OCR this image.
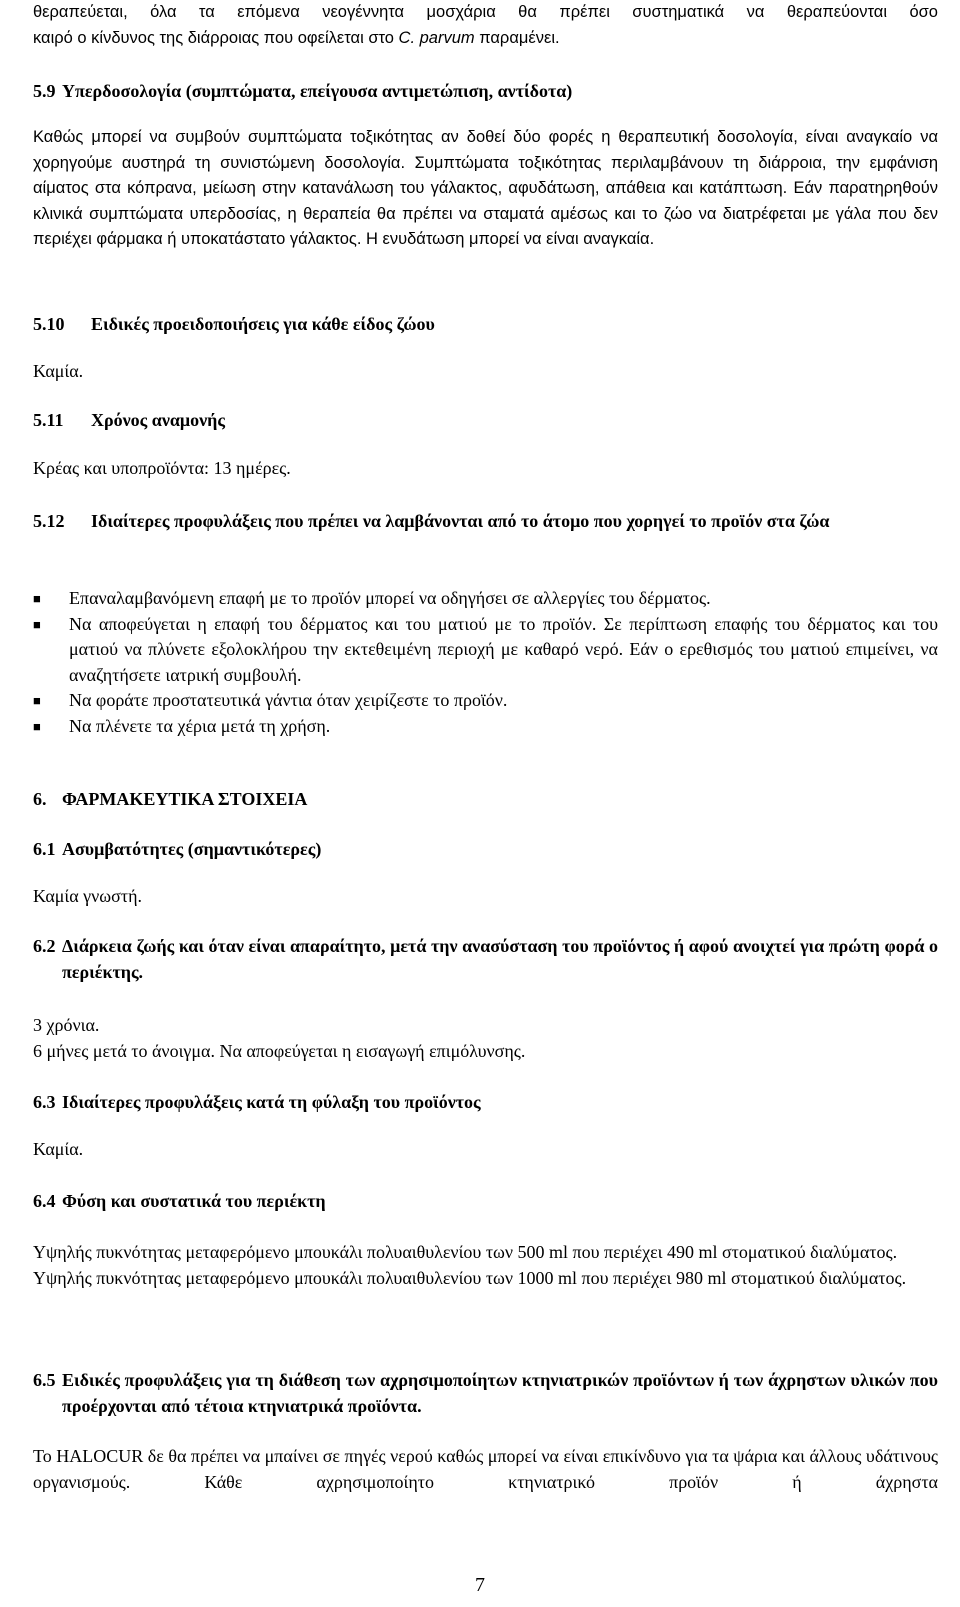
θεραπεύεται, όλα τα επόμενα νεογέννητα μοσχάρια θα πρέπει συστηματικά να θεραπεύονται όσο

καιρό ο κίνδυνος της διάρροιας που οφείλεται στο C. parvum παραμένει.

5.9 Υπερδοσολογία (συμπτώματα, επείγουσα αντιμετώπιση, αντίδοτα)

Καθώς μπορεί να συμβούν συμπτώματα τοξικότητας αν δοθεί δύο φορές η θεραπευτική δοσολογία, είναι αναγκαίο να χορηγούμε αυστηρά τη συνιστώμενη δοσολογία. Συμπτώματα τοξικότητας περιλαμβάνουν τη διάρροια, την εμφάνιση αίματος στα κόπρανα, μείωση στην κατανάλωση του γάλακτος, αφυδάτωση, απάθεια και κατάπτωση. Εάν παρατηρηθούν κλινικά συμπτώματα υπερδοσίας, η θεραπεία θα πρέπει να σταματά αμέσως και το ζώο να διατρέφεται με γάλα που δεν περιέχει φάρμακα ή υποκατάστατο γάλακτος. Η ενυδάτωση μπορεί να είναι αναγκαία.

5.10	Ειδικές προειδοποιήσεις για κάθε είδος ζώου
Καμία.
5.11	Χρόνος αναμονής
Κρέας και υποπροϊόντα: 13 ημέρες.
5.12	Ιδιαίτερες προφυλάξεις που πρέπει να λαμβάνονται από το άτομο που χορηγεί το προϊόν στα ζώα
■ Επαναλαμβανόμενη επαφή με το προϊόν μπορεί να οδηγήσει σε αλλεργίες του δέρματος.
■ Να αποφεύγεται η επαφή του δέρματος και του ματιού με το προϊόν. Σε περίπτωση επαφής του δέρματος και του ματιού να πλύνετε εξολοκλήρου την εκτεθειμένη περιοχή με καθαρό νερό. Εάν ο ερεθισμός του ματιού επιμείνει, να αναζητήσετε ιατρική συμβουλή.
■ Να φοράτε προστατευτικά γάντια όταν χειρίζεστε το προϊόν.
■ Να πλένετε τα χέρια μετά τη χρήση.
6. ΦΑΡΜΑΚΕΥΤΙΚΑ ΣΤΟΙΧΕΙΑ
6.1 Ασυμβατότητες (σημαντικότερες)
Καμία γνωστή.
6.2 Διάρκεια ζωής και όταν είναι απαραίτητο, μετά την ανασύσταση του προϊόντος ή αφού ανοιχτεί για πρώτη φορά ο περιέκτης.

3 χρόνια.

6 μήνες μετά το άνοιγμα. Να αποφεύγεται η εισαγωγή επιμόλυνσης.

6.3 Ιδιαίτερες προφυλάξεις κατά τη φύλαξη του προϊόντος
Καμία.
6.4 Φύση και συστατικά του περιέκτη

Υψηλής πυκνότητας μεταφερόμενο μπουκάλι πολυαιθυλενίου των 500 ml που περιέχει 490 ml στοματικού διαλύματος.

Υψηλής πυκνότητας μεταφερόμενο μπουκάλι πολυαιθυλενίου των 1000 ml που περιέχει 980 ml στοματικού διαλύματος.

6.5 Ειδικές προφυλάξεις για τη διάθεση των αχρησιμοποίητων κτηνιατρικών προϊόντων ή των άχρηστων υλικών που προέρχονται από τέτοια κτηνιατρικά προϊόντα.

Το HALOCUR δε θα πρέπει να μπαίνει σε πηγές νερού καθώς μπορεί να είναι επικίνδυνο για τα ψάρια και άλλους υδάτινους οργανισμούς. Κάθε αχρησιμοποίητο κτηνιατρικό προϊόν ή άχρηστα

7
